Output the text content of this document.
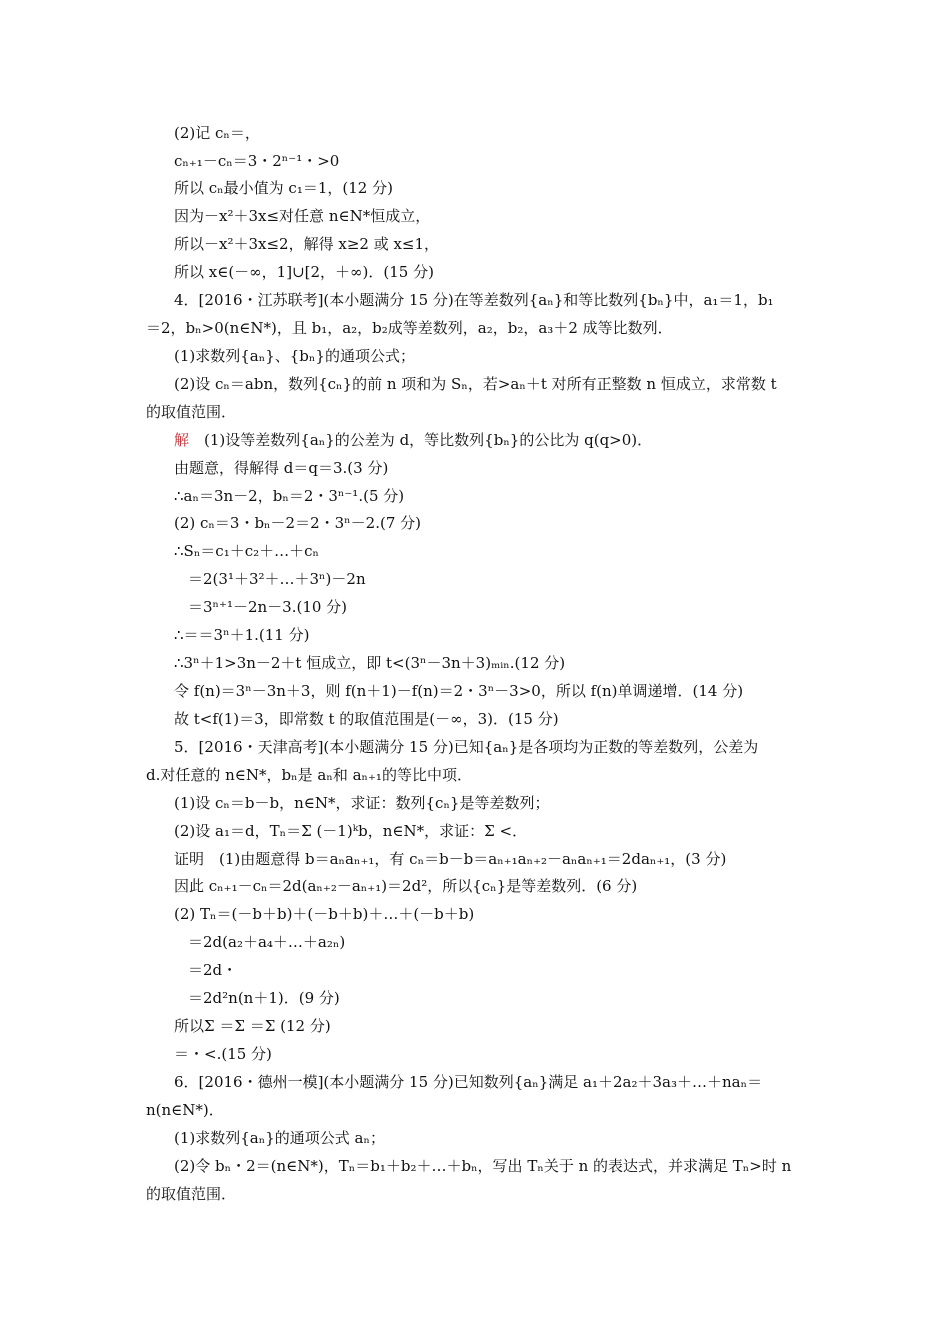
(2)记 cₙ＝，
cₙ₊₁－cₙ＝3・2ⁿ⁻¹・>0
所以 cₙ最小值为 c₁＝1，(12 分)
因为－x²＋3x≤对任意 n∈N*恒成立，
所以－x²＋3x≤2，解得 x≥2 或 x≤1，
所以 x∈(－∞，1]∪[2，＋∞)．(15 分)
4．[2016・江苏联考](本小题满分 15 分)在等差数列{aₙ}和等比数列{bₙ}中，a₁＝1，b₁
＝2，bₙ>0(n∈N*)，且 b₁，a₂，b₂成等差数列，a₂，b₂，a₃＋2 成等比数列．
(1)求数列{aₙ}、{bₙ}的通项公式；
(2)设 cₙ＝abn，数列{cₙ}的前 n 项和为 Sₙ，若>aₙ＋t 对所有正整数 n 恒成立，求常数 t
的取值范围．
解　 (1)设等差数列{aₙ}的公差为 d，等比数列{bₙ}的公比为 q(q>0)．
由题意，得解得 d＝q＝3.(3 分)
∴aₙ＝3n－2，bₙ＝2・3ⁿ⁻¹.(5 分)
(2) cₙ＝3・bₙ－2＝2・3ⁿ－2.(7 分)
∴Sₙ＝c₁＋c₂＋…＋cₙ
＝2(3¹＋3²＋…＋3ⁿ)－2n
＝3ⁿ⁺¹－2n－3.(10 分)
∴＝＝3ⁿ＋1.(11 分)
∴3ⁿ＋1>3n－2＋t 恒成立，即 t<(3ⁿ－3n＋3)ₘᵢₙ.(12 分)
令 f(n)＝3ⁿ－3n＋3，则 f(n＋1)－f(n)＝2・3ⁿ－3>0，所以 f(n)单调递增．(14 分)
故 t<f(1)＝3，即常数 t 的取值范围是(－∞，3)．(15 分)
5．[2016・天津高考](本小题满分 15 分)已知{aₙ}是各项均为正数的等差数列，公差为
d.对任意的 n∈N*，bₙ是 aₙ和 aₙ₊₁的等比中项．
(1)设 cₙ＝b－b，n∈N*，求证：数列{cₙ}是等差数列；
(2)设 a₁＝d，Tₙ＝Σ (－1)ᵏb，n∈N*，求证：Σ <．
证明　(1)由题意得 b＝aₙaₙ₊₁，有 cₙ＝b－b＝aₙ₊₁aₙ₊₂－aₙaₙ₊₁＝2daₙ₊₁，(3 分)
因此 cₙ₊₁－cₙ＝2d(aₙ₊₂－aₙ₊₁)＝2d²，所以{cₙ}是等差数列．(6 分)
(2) Tₙ＝(－b＋b)＋(－b＋b)＋…＋(－b＋b)
＝2d(a₂＋a₄＋…＋a₂ₙ)
＝2d・
＝2d²n(n＋1)．(9 分)
所以Σ ＝Σ ＝Σ (12 分)
＝・<.(15 分)
6．[2016・德州一模](本小题满分 15 分)已知数列{aₙ}满足 a₁＋2a₂＋3a₃＋…＋naₙ＝
n(n∈N*)．
(1)求数列{aₙ}的通项公式 aₙ；
(2)令 bₙ・2＝(n∈N*)，Tₙ＝b₁＋b₂＋…＋bₙ，写出 Tₙ关于 n 的表达式，并求满足 Tₙ>时 n
的取值范围．
